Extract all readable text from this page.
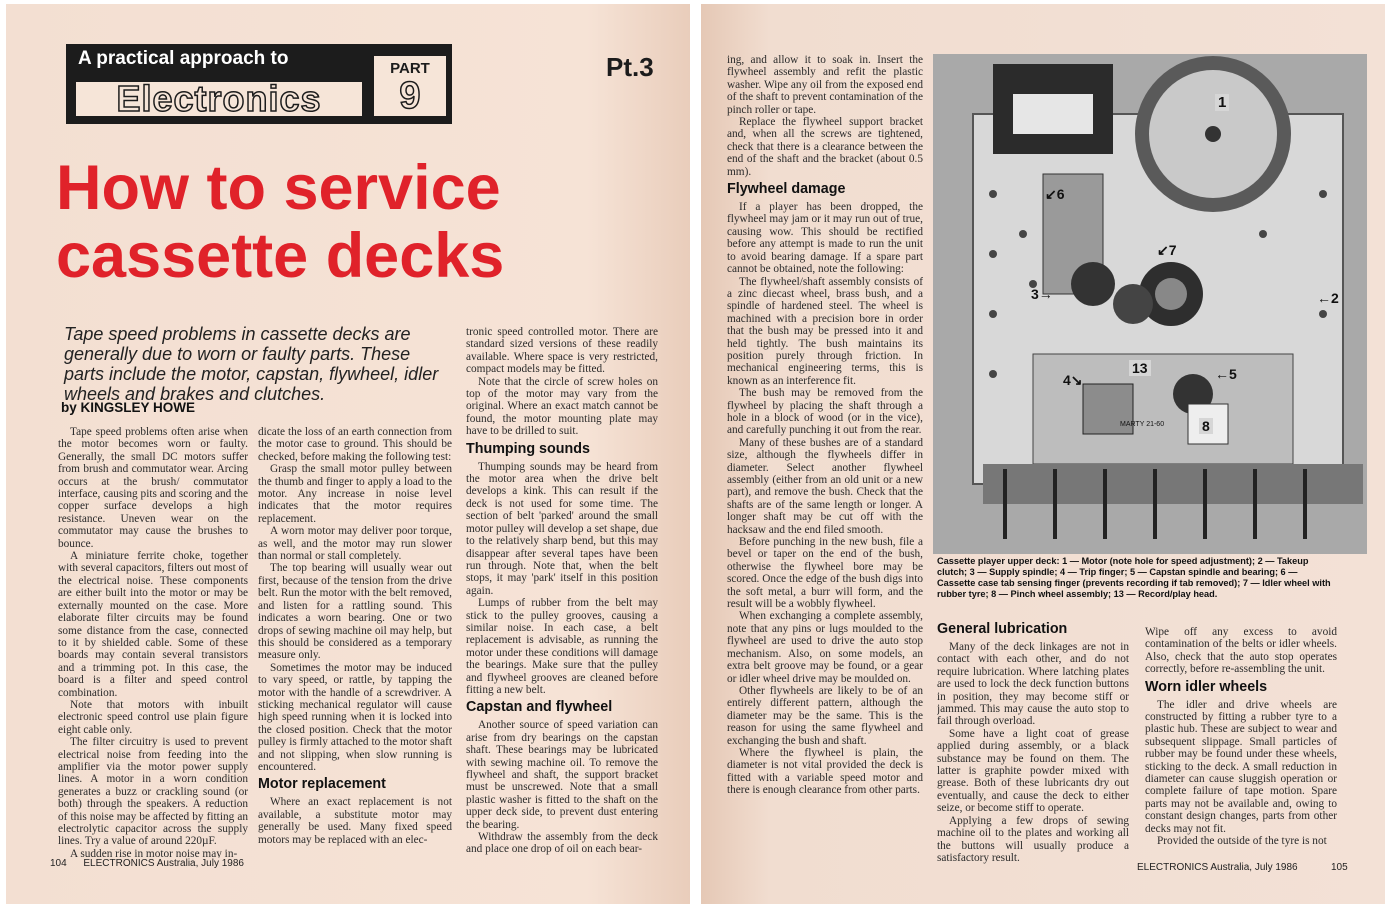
A practical approach to
Electronics
PART
9
Pt.3
How to service cassette decks
Tape speed problems in cassette decks are generally due to worn or faulty parts. These parts include the motor, capstan, flywheel, idler wheels and brakes and clutches.
by KINGSLEY HOWE

Tape speed problems often arise when the motor becomes worn or faulty. Generally, the small DC motors suffer from brush and commutator wear. Arcing occurs at the brush/ commutator interface, causing pits and scoring and the copper surface develops a high resistance. Uneven wear on the commutator may cause the brushes to bounce.

A miniature ferrite choke, together with several capacitors, filters out most of the electrical noise. These components are either built into the motor or may be externally mounted on the case. More elaborate filter circuits may be found some distance from the case, connected to it by shielded cable. Some of these boards may contain several transistors and a trimming pot. In this case, the board is a filter and speed control combination.

Note that motors with inbuilt electronic speed control use plain figure eight cable only.

The filter circuitry is used to prevent electrical noise from feeding into the amplifier via the motor power supply lines. A motor in a worn condition generates a buzz or crackling sound (or both) through the speakers. A reduction of this noise may be affected by fitting an electrolytic capacitor across the supply lines. Try a value of around 220µF.

A sudden rise in motor noise may in-

dicate the loss of an earth connection from the motor case to ground. This should be checked, before making the following test:

Grasp the small motor pulley between the thumb and finger to apply a load to the motor. Any increase in noise level indicates that the motor requires replacement.

A worn motor may deliver poor torque, as well, and the motor may run slower than normal or stall completely.

The top bearing will usually wear out first, because of the tension from the drive belt. Run the motor with the belt removed, and listen for a rattling sound. This indicates a worn bearing. One or two drops of sewing machine oil may help, but this should be considered as a temporary measure only.

Sometimes the motor may be induced to vary speed, or rattle, by tapping the motor with the handle of a screwdriver. A sticking mechanical regulator will cause high speed running when it is locked into the closed position. Check that the motor pulley is firmly attached to the motor shaft and not slipping, when slow running is encountered.

Motor replacement

Where an exact replacement is not available, a substitute motor may generally be used. Many fixed speed motors may be replaced with an elec-

tronic speed controlled motor. There are standard sized versions of these readily available. Where space is very restricted, compact models may be fitted.

Note that the circle of screw holes on top of the motor may vary from the original. Where an exact match cannot be found, the motor mounting plate may have to be drilled to suit.

Thumping sounds

Thumping sounds may be heard from the motor area when the drive belt develops a kink. This can result if the deck is not used for some time. The section of belt 'parked' around the small motor pulley will develop a set shape, due to the relatively sharp bend, but this may disappear after several tapes have been run through. Note that, when the belt stops, it may 'park' itself in this position again.

Lumps of rubber from the belt may stick to the pulley grooves, causing a similar noise. In each case, a belt replacement is advisable, as running the motor under these conditions will damage the bearings. Make sure that the pulley and flywheel grooves are cleaned before fitting a new belt.

Capstan and flywheel

Another source of speed variation can arise from dry bearings on the capstan shaft. These bearings may be lubricated with sewing machine oil. To remove the flywheel and shaft, the support bracket must be unscrewed. Note that a small plastic washer is fitted to the shaft on the upper deck side, to prevent dust entering the bearing.

Withdraw the assembly from the deck and place one drop of oil on each bear-

104 ELECTRONICS Australia, July 1986

ing, and allow it to soak in. Insert the flywheel assembly and refit the plastic washer. Wipe any oil from the exposed end of the shaft to prevent contamination of the pinch roller or tape.

Replace the flywheel support bracket and, when all the screws are tightened, check that there is a clearance between the end of the shaft and the bracket (about 0.5 mm).

Flywheel damage

If a player has been dropped, the flywheel may jam or it may run out of true, causing wow. This should be rectified before any attempt is made to run the unit to avoid bearing damage. If a spare part cannot be obtained, note the following:

The flywheel/shaft assembly consists of a zinc diecast wheel, brass bush, and a spindle of hardened steel. The wheel is machined with a precision bore in order that the bush may be pressed into it and held tightly. The bush maintains its position purely through friction. In mechanical engineering terms, this is known as an interference fit.

The bush may be removed from the flywheel by placing the shaft through a hole in a block of wood (or in the vice), and carefully punching it out from the rear.

Many of these bushes are of a standard size, although the flywheels differ in diameter. Select another flywheel assembly (either from an old unit or a new part), and remove the bush. Check that the shafts are of the same length or longer. A longer shaft may be cut off with the hacksaw and the end filed smooth.

Before punching in the new bush, file a bevel or taper on the end of the bush, otherwise the flywheel bore may be scored. Once the edge of the bush digs into the soft metal, a burr will form, and the result will be a wobbly flywheel.

When exchanging a complete assembly, note that any pins or lugs moulded to the flywheel are used to drive the auto stop mechanism. Also, on some models, an extra belt groove may be found, or a gear or idler wheel drive may be moulded on.

Other flywheels are likely to be of an entirely different pattern, although the diameter may be the same. This is the reason for using the same flywheel and exchanging the bush and shaft.

Where the flywheel is plain, the diameter is not vital provided the deck is fitted with a variable speed motor and there is enough clearance from other parts.

MARTY 21-60
1
←2
3→
4↘	←5
↙6
↙7
8
13
Cassette player upper deck: 1 — Motor (note hole for speed adjustment); 2 — Takeup clutch; 3 — Supply spindle; 4 — Trip finger; 5 — Capstan spindle and bearing; 6 — Cassette case tab sensing finger (prevents recording if tab removed); 7 — Idler wheel with rubber tyre; 8 — Pinch wheel assembly; 13 — Record/play head.
General lubrication

Many of the deck linkages are not in contact with each other, and do not require lubrication. Where latching plates are used to lock the deck function buttons in position, they may become stiff or jammed. This may cause the auto stop to fail through overload.

Some have a light coat of grease applied during assembly, or a black substance may be found on them. The latter is graphite powder mixed with grease. Both of these lubricants dry out eventually, and cause the deck to either seize, or become stiff to operate.

Applying a few drops of sewing machine oil to the plates and working all the buttons will usually produce a satisfactory result.

Wipe off any excess to avoid contamination of the belts or idler wheels. Also, check that the auto stop operates correctly, before re-assembling the unit.

Worn idler wheels

The idler and drive wheels are constructed by fitting a rubber tyre to a plastic hub. These are subject to wear and subsequent slippage. Small particles of rubber may be found under these wheels, sticking to the deck. A small reduction in diameter can cause sluggish operation or complete failure of tape motion. Spare parts may not be available and, owing to constant design changes, parts from other decks may not fit.

Provided the outside of the tyre is not

ELECTRONICS Australia, July 1986	105
